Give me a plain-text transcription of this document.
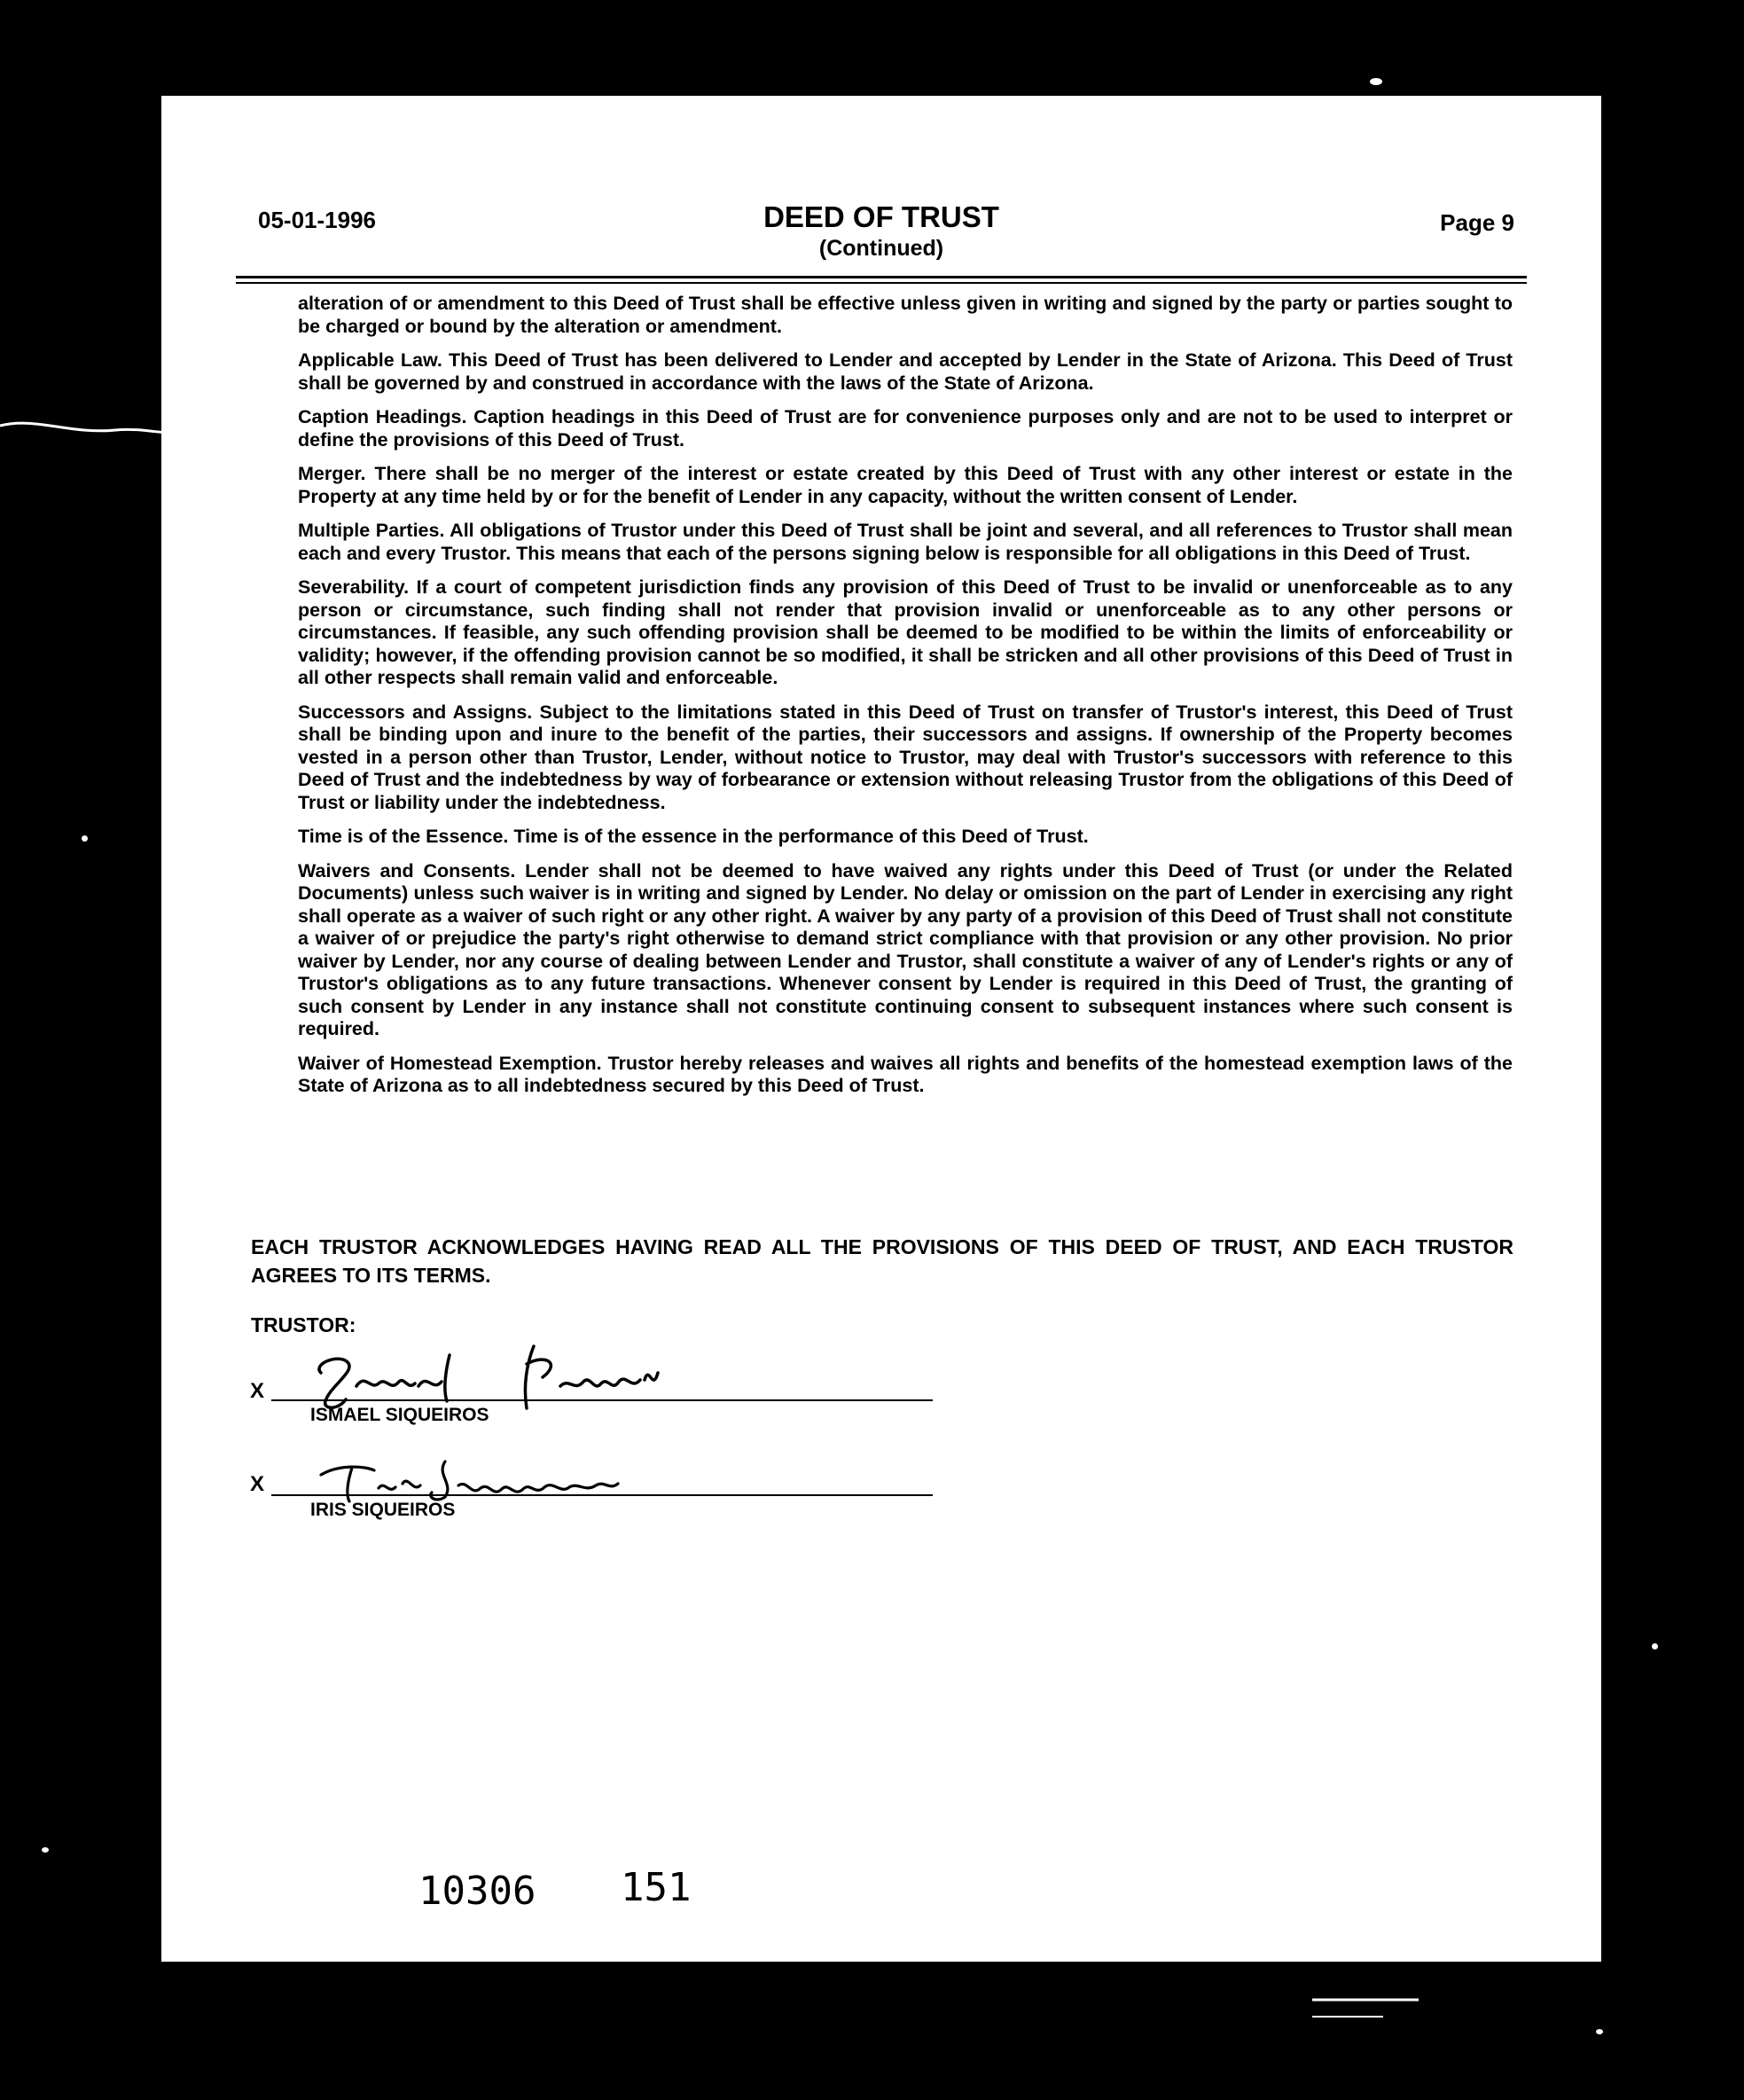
05-01-1996	DEED OF TRUST
(Continued)
Page 9

alteration of or amendment to this Deed of Trust shall be effective unless given in writing and signed by the party or parties sought to be charged or bound by the alteration or amendment.

Applicable Law. This Deed of Trust has been delivered to Lender and accepted by Lender in the State of Arizona. This Deed of Trust shall be governed by and construed in accordance with the laws of the State of Arizona.

Caption Headings. Caption headings in this Deed of Trust are for convenience purposes only and are not to be used to interpret or define the provisions of this Deed of Trust.

Merger. There shall be no merger of the interest or estate created by this Deed of Trust with any other interest or estate in the Property at any time held by or for the benefit of Lender in any capacity, without the written consent of Lender.

Multiple Parties. All obligations of Trustor under this Deed of Trust shall be joint and several, and all references to Trustor shall mean each and every Trustor. This means that each of the persons signing below is responsible for all obligations in this Deed of Trust.

Severability. If a court of competent jurisdiction finds any provision of this Deed of Trust to be invalid or unenforceable as to any person or circumstance, such finding shall not render that provision invalid or unenforceable as to any other persons or circumstances. If feasible, any such offending provision shall be deemed to be modified to be within the limits of enforceability or validity; however, if the offending provision cannot be so modified, it shall be stricken and all other provisions of this Deed of Trust in all other respects shall remain valid and enforceable.

Successors and Assigns. Subject to the limitations stated in this Deed of Trust on transfer of Trustor's interest, this Deed of Trust shall be binding upon and inure to the benefit of the parties, their successors and assigns. If ownership of the Property becomes vested in a person other than Trustor, Lender, without notice to Trustor, may deal with Trustor's successors with reference to this Deed of Trust and the indebtedness by way of forbearance or extension without releasing Trustor from the obligations of this Deed of Trust or liability under the indebtedness.

Time is of the Essence. Time is of the essence in the performance of this Deed of Trust.

Waivers and Consents. Lender shall not be deemed to have waived any rights under this Deed of Trust (or under the Related Documents) unless such waiver is in writing and signed by Lender. No delay or omission on the part of Lender in exercising any right shall operate as a waiver of such right or any other right. A waiver by any party of a provision of this Deed of Trust shall not constitute a waiver of or prejudice the party's right otherwise to demand strict compliance with that provision or any other provision. No prior waiver by Lender, nor any course of dealing between Lender and Trustor, shall constitute a waiver of any of Lender's rights or any of Trustor's obligations as to any future transactions. Whenever consent by Lender is required in this Deed of Trust, the granting of such consent by Lender in any instance shall not constitute continuing consent to subsequent instances where such consent is required.

Waiver of Homestead Exemption. Trustor hereby releases and waives all rights and benefits of the homestead exemption laws of the State of Arizona as to all indebtedness secured by this Deed of Trust.

EACH TRUSTOR ACKNOWLEDGES HAVING READ ALL THE PROVISIONS OF THIS DEED OF TRUST, AND EACH TRUSTOR AGREES TO ITS TERMS.
TRUSTOR:
X
ISMAEL SIQUEIROS
X
IRIS SIQUEIROS
10306 151
